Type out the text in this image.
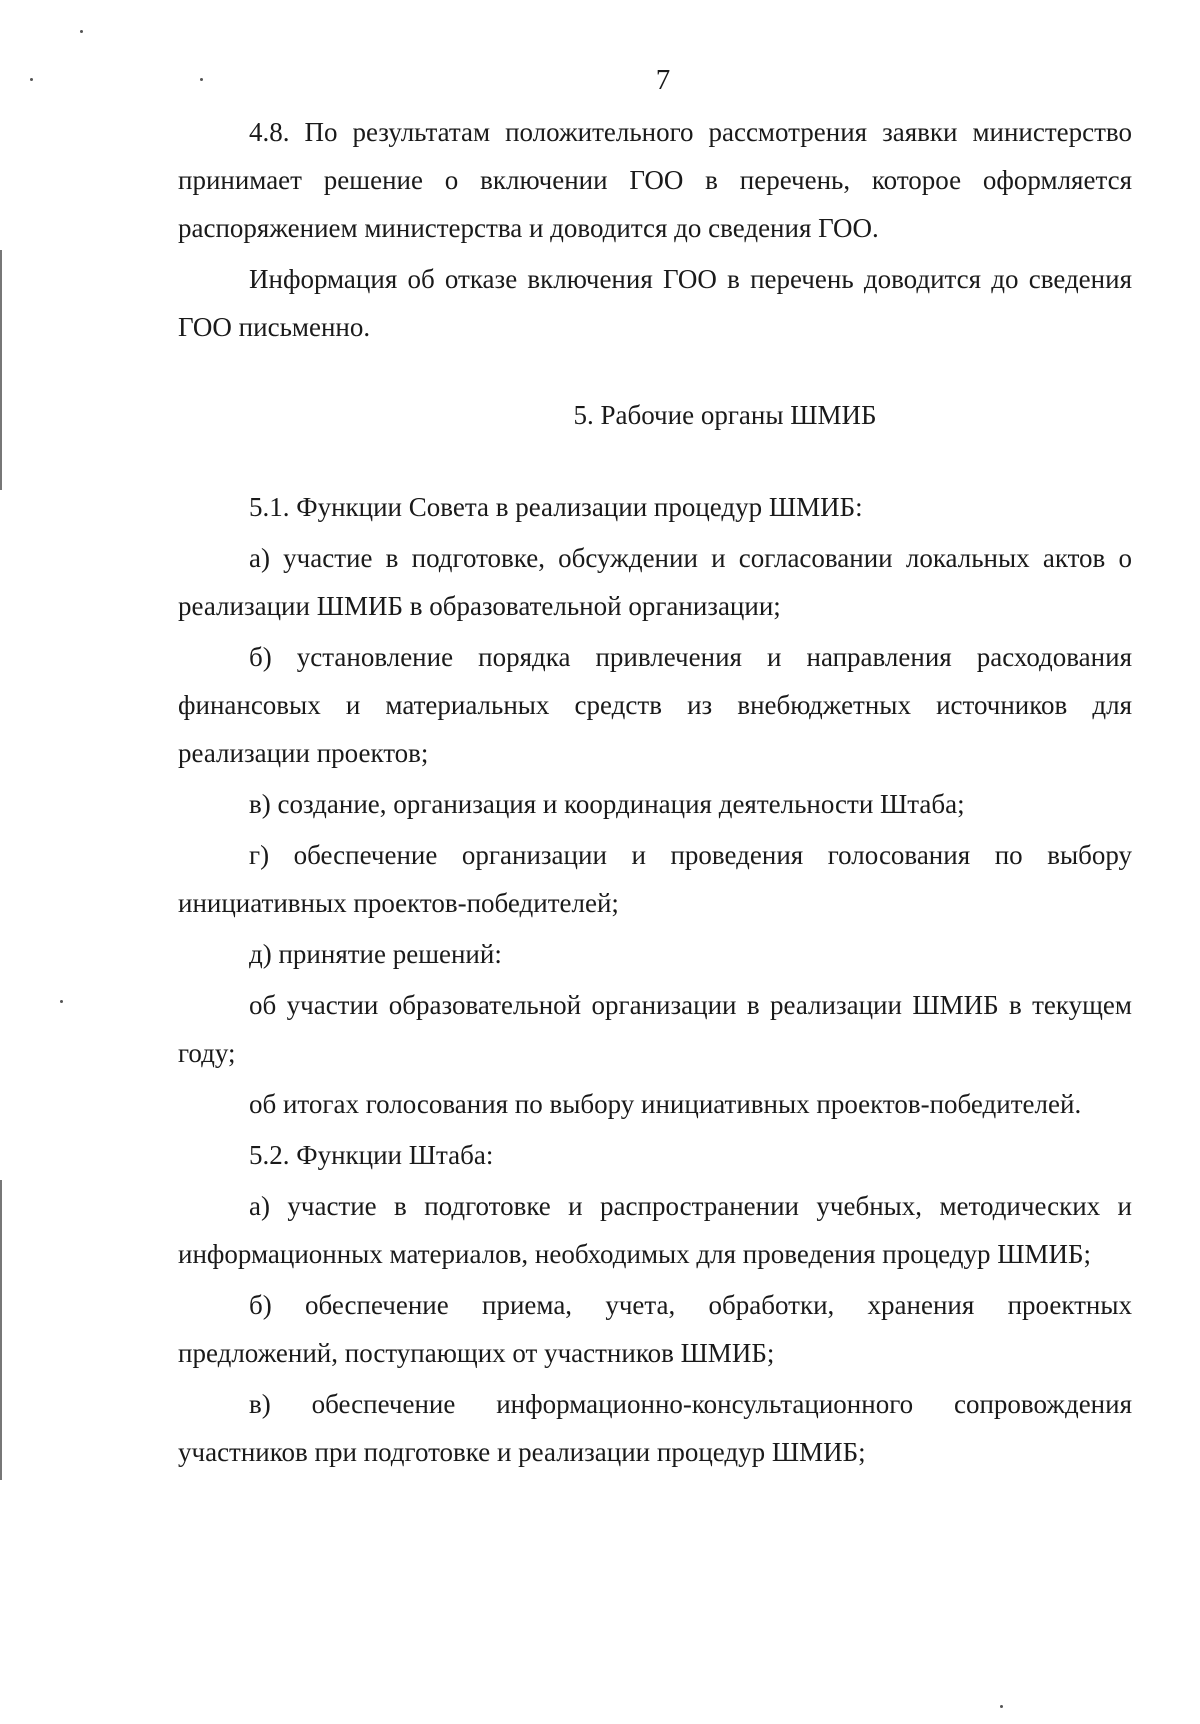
7

4.8. По результатам положительного рассмотрения заявки министерство принимает решение о включении ГОО в перечень, которое оформляется распоряжением министерства и доводится до сведения ГОО.

Информация об отказе включения ГОО в перечень доводится до сведения ГОО письменно.

5. Рабочие органы ШМИБ

5.1. Функции Совета в реализации процедур ШМИБ:

а) участие в подготовке, обсуждении и согласовании локальных актов о реализации ШМИБ в образовательной организации;

б) установление порядка привлечения и направления расходования финансовых и материальных средств из внебюджетных источников для реализации проектов;

в) создание, организация и координация деятельности Штаба;

г) обеспечение организации и проведения голосования по выбору инициативных проектов-победителей;

д) принятие решений:

об участии образовательной организации в реализации ШМИБ в текущем году;

об итогах голосования по выбору инициативных проектов-победителей.

5.2. Функции Штаба:

а) участие в подготовке и распространении учебных, методических и информационных материалов, необходимых для проведения процедур ШМИБ;

б) обеспечение приема, учета, обработки, хранения проектных предложений, поступающих от участников ШМИБ;

в) обеспечение информационно-консультационного сопровождения участников при подготовке и реализации процедур ШМИБ;
